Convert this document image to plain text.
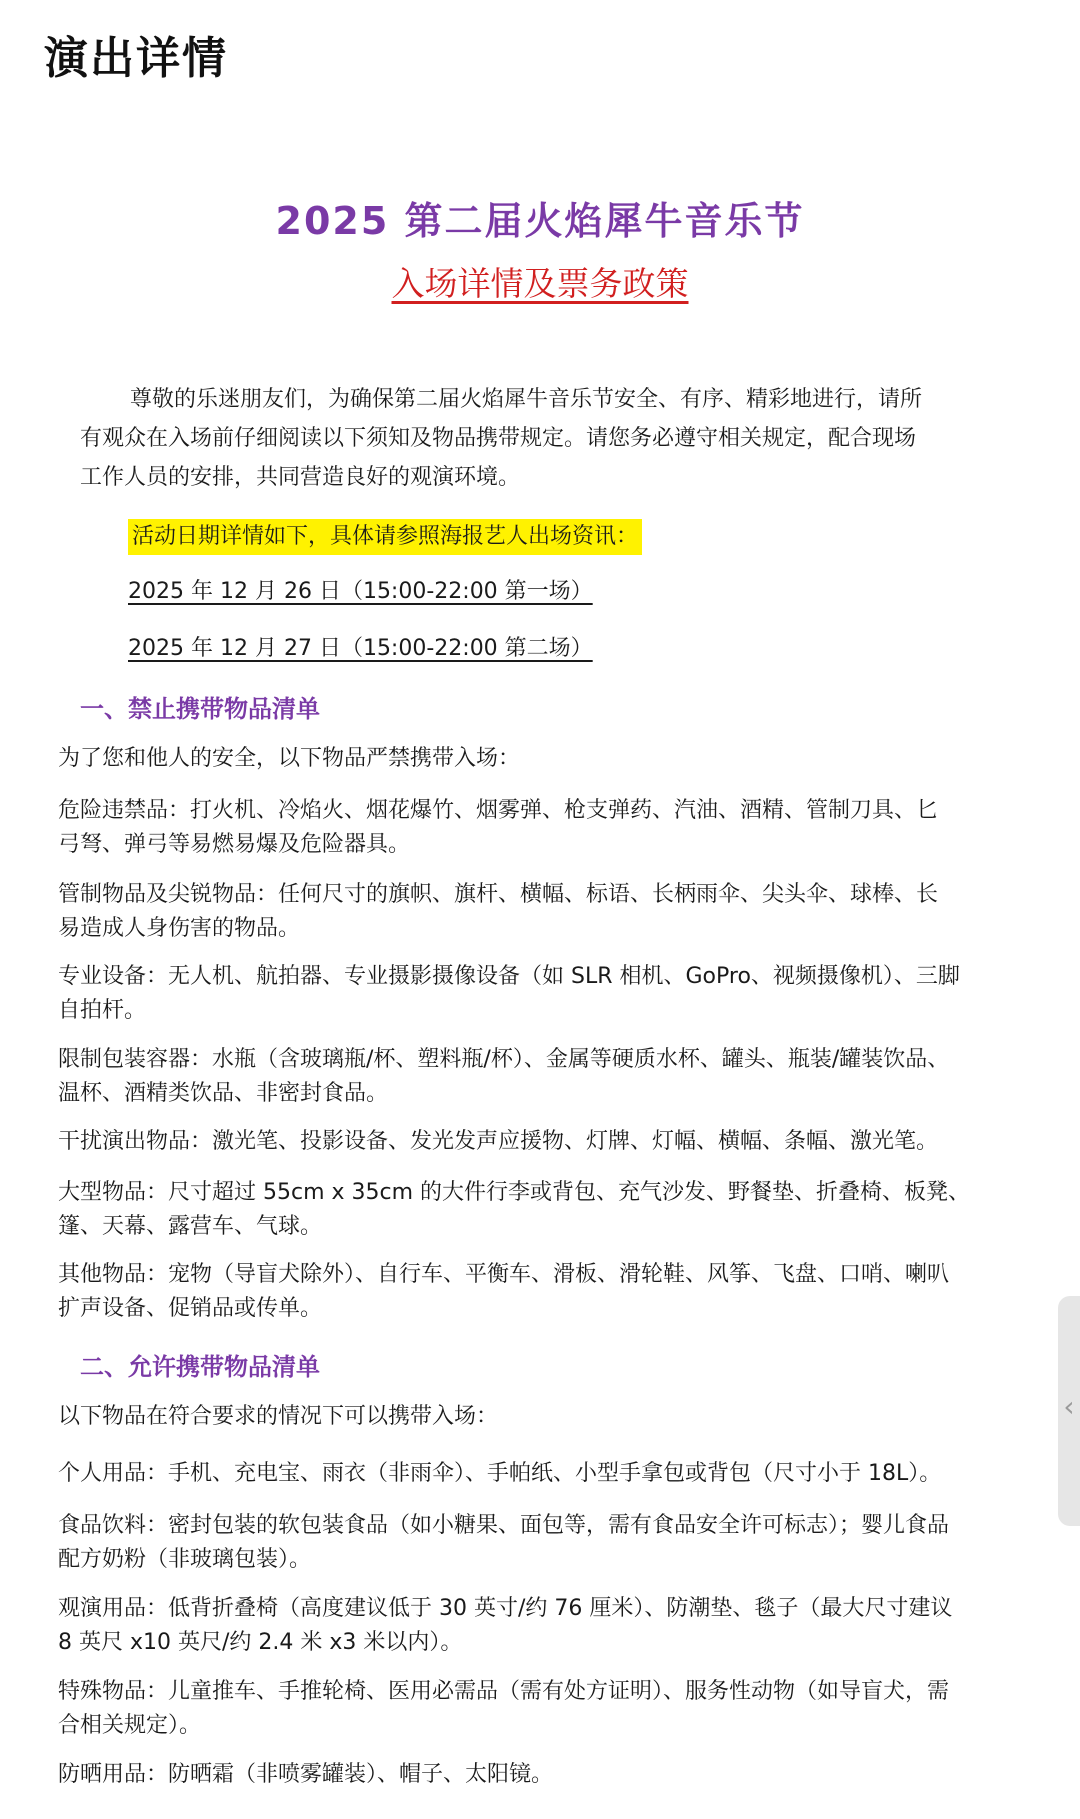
演出详情
2025 第二届火焰犀牛音乐节
入场详情及票务政策
尊敬的乐迷朋友们，为确保第二届火焰犀牛音乐节安全、有序、精彩地进行，请所
有观众在入场前仔细阅读以下须知及物品携带规定。请您务必遵守相关规定，配合现场
工作人员的安排，共同营造良好的观演环境。
活动日期详情如下，具体请参照海报艺人出场资讯：
2025 年 12 月 26 日（15:00-22:00 第一场）
2025 年 12 月 27 日（15:00-22:00 第二场）
一、禁止携带物品清单
为了您和他人的安全，以下物品严禁携带入场：
危险违禁品：打火机、冷焰火、烟花爆竹、烟雾弹、枪支弹药、汽油、酒精、管制刀具、匕
弓弩、弹弓等易燃易爆及危险器具。
管制物品及尖锐物品：任何尺寸的旗帜、旗杆、横幅、标语、长柄雨伞、尖头伞、球棒、长
易造成人身伤害的物品。
专业设备：无人机、航拍器、专业摄影摄像设备（如 SLR 相机、GoPro、视频摄像机）、三脚
自拍杆。
限制包装容器：水瓶（含玻璃瓶/杯、塑料瓶/杯）、金属等硬质水杯、罐头、瓶装/罐装饮品、
温杯、酒精类饮品、非密封食品。
干扰演出物品：激光笔、投影设备、发光发声应援物、灯牌、灯幅、横幅、条幅、激光笔。
大型物品：尺寸超过 55cm x 35cm 的大件行李或背包、充气沙发、野餐垫、折叠椅、板凳、
篷、天幕、露营车、气球。
其他物品：宠物（导盲犬除外）、自行车、平衡车、滑板、滑轮鞋、风筝、飞盘、口哨、喇叭
扩声设备、促销品或传单。
二、允许携带物品清单
以下物品在符合要求的情况下可以携带入场：
个人用品：手机、充电宝、雨衣（非雨伞）、手帕纸、小型手拿包或背包（尺寸小于 18L）。
食品饮料：密封包装的软包装食品（如小糖果、面包等，需有食品安全许可标志）；婴儿食品
配方奶粉（非玻璃包装）。
观演用品：低背折叠椅（高度建议低于 30 英寸/约 76 厘米）、防潮垫、毯子（最大尺寸建议
8 英尺 x10 英尺/约 2.4 米 x3 米以内）。
特殊物品：儿童推车、手推轮椅、医用必需品（需有处方证明）、服务性动物（如导盲犬，需
合相关规定）。
防晒用品：防晒霜（非喷雾罐装）、帽子、太阳镜。
‹
